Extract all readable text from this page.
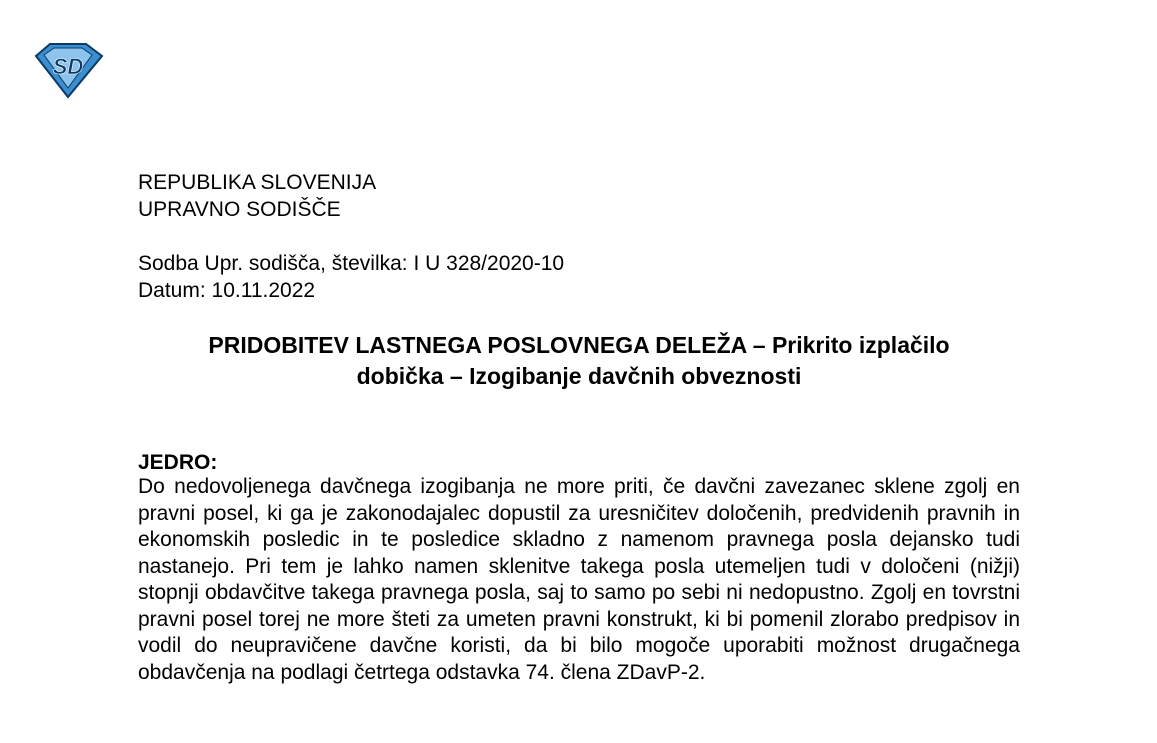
SD
REPUBLIKA SLOVENIJA
UPRAVNO SODIŠČE
Sodba Upr. sodišča, številka: I U 328/2020-10
Datum: 10.11.2022
PRIDOBITEV LASTNEGA POSLOVNEGA DELEŽA – Prikrito izplačilo
dobička – Izogibanje davčnih obveznosti
JEDRO:

Do nedovoljenega davčnega izogibanja ne more priti, če davčni zavezanec sklene zgolj en pravni posel, ki ga je zakonodajalec dopustil za uresničitev določenih, predvidenih pravnih in ekonomskih posledic in te posledice skladno z namenom pravnega posla dejansko tudi nastanejo. Pri tem je lahko namen sklenitve takega posla utemeljen tudi v določeni (nižji) stopnji obdavčitve takega pravnega posla, saj to samo po sebi ni nedopustno. Zgolj en tovrstni pravni posel torej ne more šteti za umeten pravni konstrukt, ki bi pomenil zlorabo predpisov in vodil do neupravičene davčne koristi, da bi bilo mogoče uporabiti možnost drugačnega obdavčenja na podlagi četrtega odstavka 74. člena ZDavP-2.
